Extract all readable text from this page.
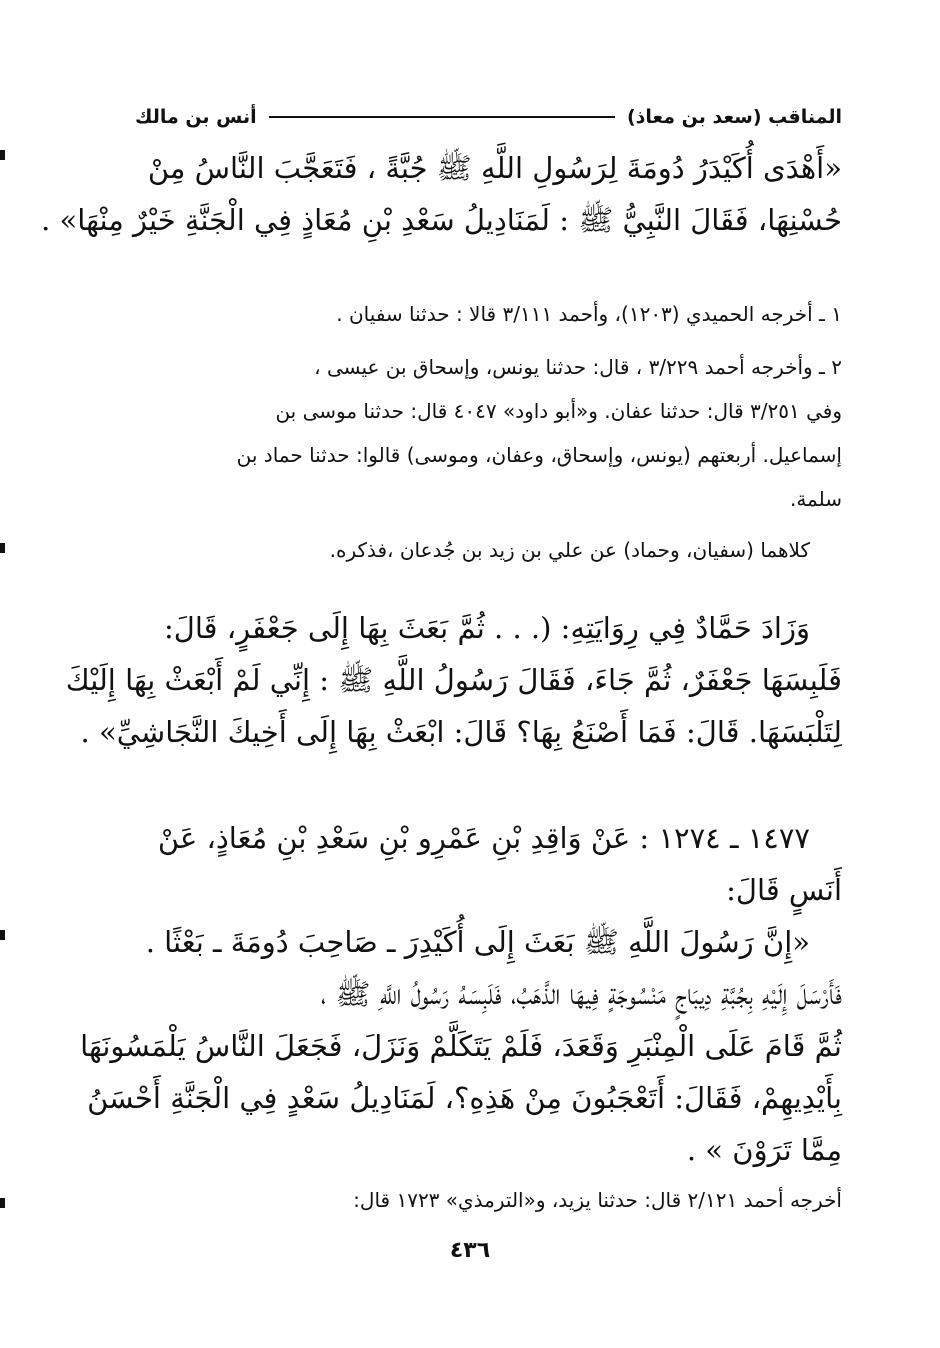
المناقب (سعد بن معاذ)
أنس بن مالك
«أَهْدَى أُكَيْدَرُ دُومَةَ لِرَسُولِ اللَّهِ ﷺ جُبَّةً ، فَتَعَجَّبَ النَّاسُ مِنْ
حُسْنِهَا، فَقَالَ النَّبِيُّ ﷺ : لَمَنَادِيلُ سَعْدِ بْنِ مُعَاذٍ فِي الْجَنَّةِ خَيْرٌ مِنْهَا» .
١ ـ أخرجه الحميدي (١٢٠٣)، وأحمد ٣/١١١ قالا : حدثنا سفيان .
٢ ـ وأخرجه أحمد ٣/٢٢٩ ، قال: حدثنا يونس، وإسحاق بن عيسى ،
وفي ٣/٢٥١ قال: حدثنا عفان. و«أبو داود» ٤٠٤٧ قال: حدثنا موسى بن
إسماعيل. أربعتهم (يونس، وإسحاق، وعفان، وموسى) قالوا: حدثنا حماد بن
سلمة.
كلاهما (سفيان، وحماد) عن علي بن زيد بن جُدعان ،فذكره.
وَزَادَ حَمَّادٌ فِي رِوَايَتِهِ: (. . . ثُمَّ بَعَثَ بِهَا إِلَى جَعْفَرٍ، قَالَ:
فَلَبِسَهَا جَعْفَرٌ، ثُمَّ جَاءَ، فَقَالَ رَسُولُ اللَّهِ ﷺ : إِنِّي لَمْ أَبْعَثْ بِهَا إِلَيْكَ
لِتَلْبَسَهَا. قَالَ: فَمَا أَصْنَعُ بِهَا؟ قَالَ: ابْعَثْ بِهَا إِلَى أَخِيكَ النَّجَاشِيِّ» .
١٤٧٧ ـ ١٢٧٤ : عَنْ وَاقِدِ بْنِ عَمْرِو بْنِ سَعْدِ بْنِ مُعَاذٍ، عَنْ
أَنَسٍ قَالَ:
«إِنَّ رَسُولَ اللَّهِ ﷺ بَعَثَ إِلَى أُكَيْدِرَ ـ صَاحِبَ دُومَةَ ـ بَعْثًا .
فَأَرْسَلَ إِلَيْهِ بِجُبَّةِ دِيبَاجٍ مَنْسُوجَةٍ فِيهَا الذَّهَبُ، فَلَبِسَهُ رَسُولُ اللَّهِ ﷺ ،
ثُمَّ قَامَ عَلَى الْمِنْبَرِ وَقَعَدَ، فَلَمْ يَتَكَلَّمْ وَنَزَلَ، فَجَعَلَ النَّاسُ يَلْمَسُونَهَا
بِأَيْدِيهِمْ، فَقَالَ: أَتَعْجَبُونَ مِنْ هَذِهِ؟، لَمَنَادِيلُ سَعْدٍ فِي الْجَنَّةِ أَحْسَنُ
مِمَّا تَرَوْنَ » .
أخرجه أحمد ٢/١٢١ قال: حدثنا يزيد، و«الترمذي» ١٧٢٣ قال:
٤٣٦
